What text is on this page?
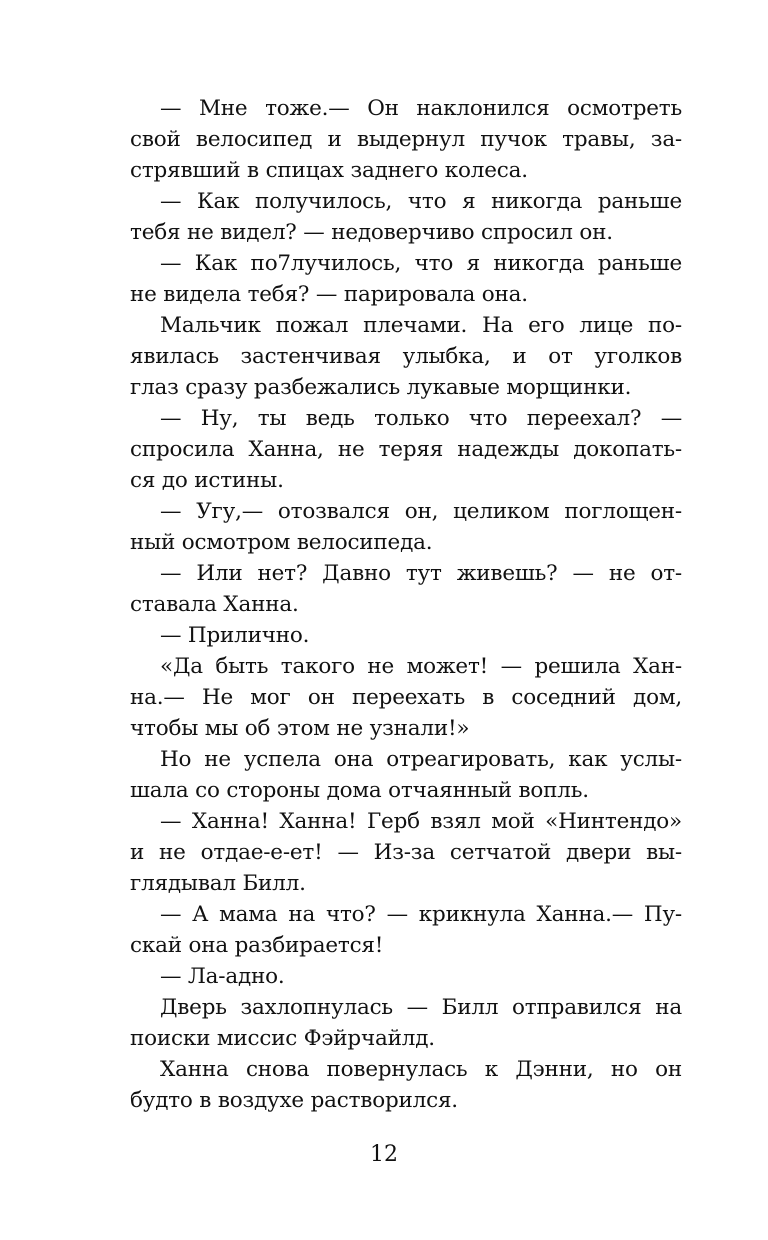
— Мне тоже.— Он наклонился осмотреть
свой велосипед и выдернул пучок травы, за-
стрявший в спицах заднего колеса.
— Как получилось, что я никогда раньше
тебя не видел? — недоверчиво спросил он.
— Как по7лучилось, что я никогда раньше
не видела тебя? — парировала она.
Мальчик пожал плечами. На его лице по-
явилась застенчивая улыбка, и от уголков
глаз сразу разбежались лукавые морщинки.
— Ну, ты ведь только что переехал? —
спросила Ханна, не теряя надежды докопать-
ся до истины.
— Угу,— отозвался он, целиком поглощен-
ный осмотром велосипеда.
— Или нет? Давно тут живешь? — не от-
ставала Ханна.
— Прилично.
«Да быть такого не может! — решила Хан-
на.— Не мог он переехать в соседний дом,
чтобы мы об этом не узнали!»
Но не успела она отреагировать, как услы-
шала со стороны дома отчаянный вопль.
— Ханна! Ханна! Герб взял мой «Нинтендо»
и не отдае-е-ет! — Из-за сетчатой двери вы-
глядывал Билл.
— А мама на что? — крикнула Ханна.— Пу-
скай она разбирается!
— Ла-адно.
Дверь захлопнулась — Билл отправился на
поиски миссис Фэйрчайлд.
Ханна снова повернулась к Дэнни, но он
будто в воздухе растворился.
12
